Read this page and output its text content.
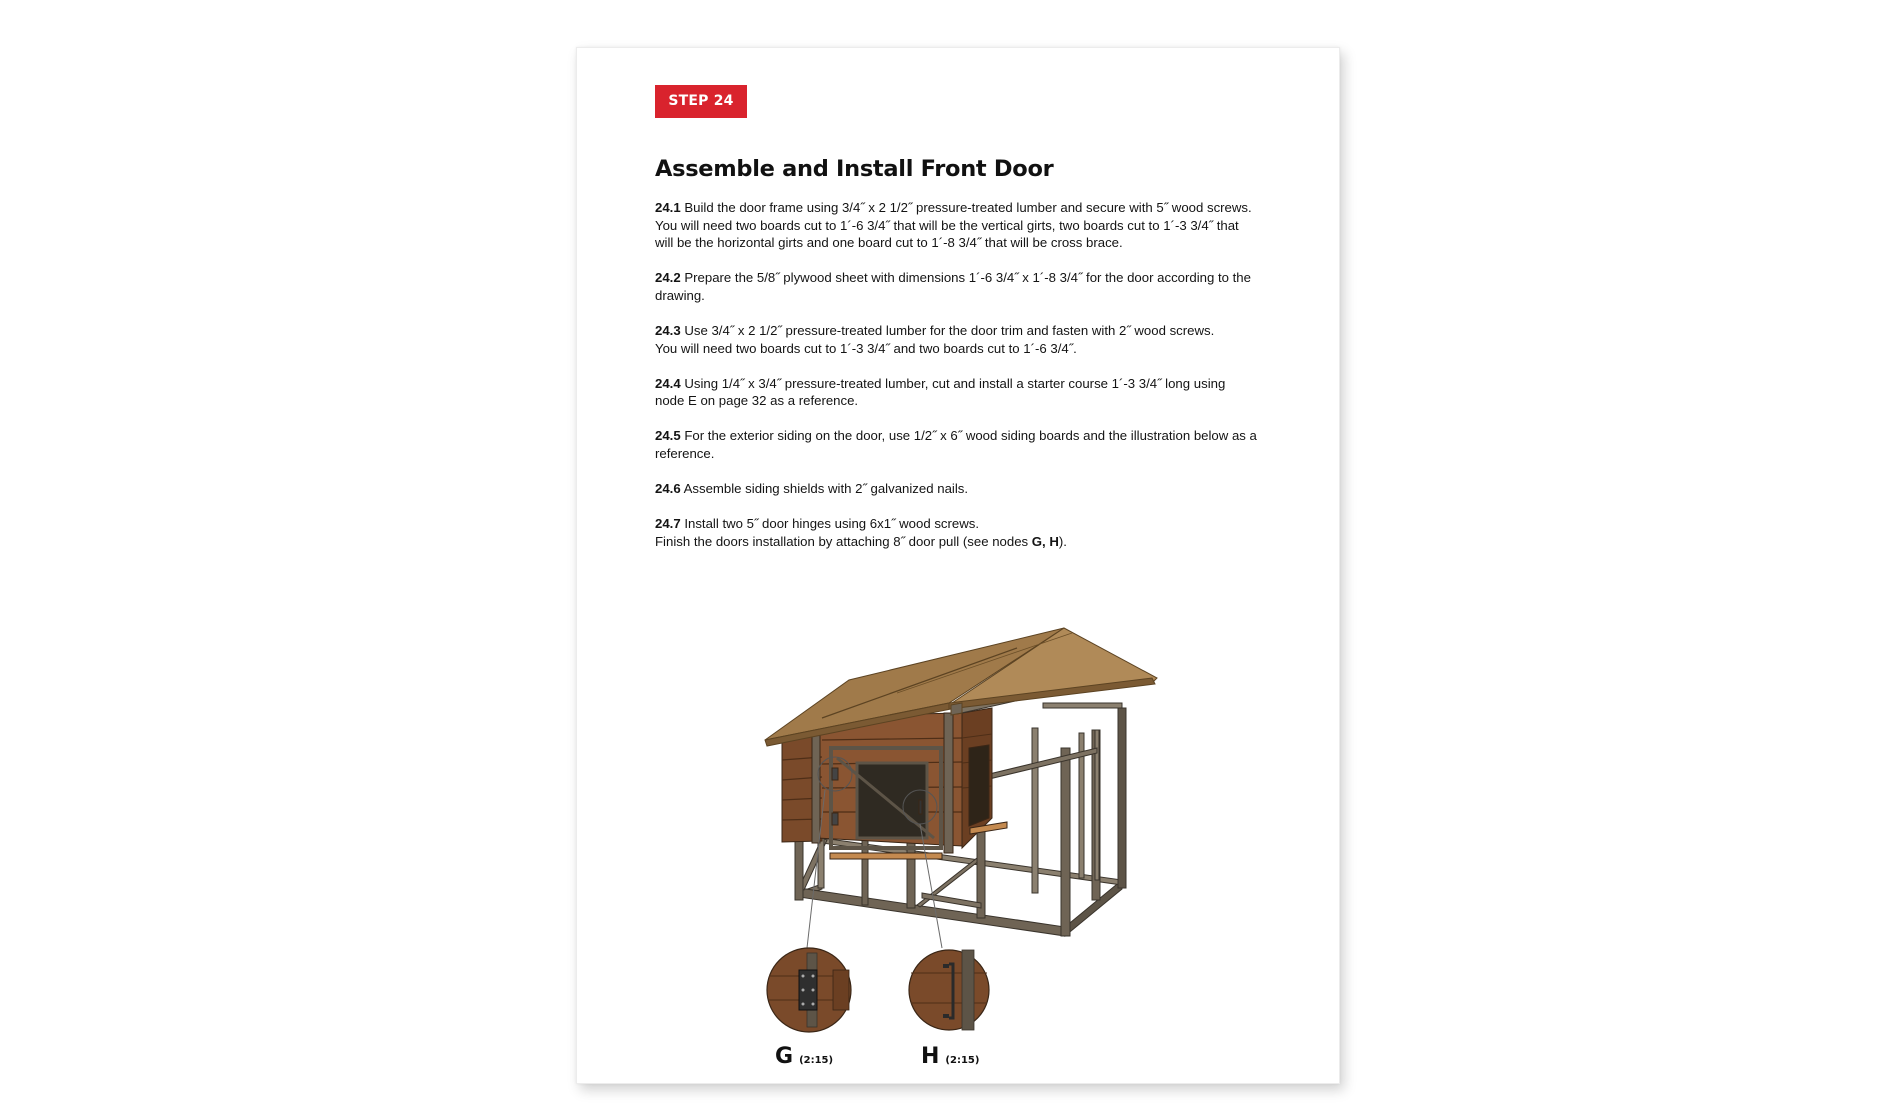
STEP 24
Assemble and Install Front Door

24.1 Build the door frame using 3/4˝ x 2 1/2˝ pressure-treated lumber and secure with 5˝ wood screws.
You will need two boards cut to 1´-6 3/4˝ that will be the vertical girts, two boards cut to 1´-3 3/4˝ that
will be the horizontal girts and one board cut to 1´-8 3/4˝ that will be cross brace.

24.2 Prepare the 5/8˝ plywood sheet with dimensions 1´-6 3/4˝ x 1´-8 3/4˝ for the door according to the
drawing.

24.3 Use 3/4˝ x 2 1/2˝ pressure-treated lumber for the door trim and fasten with 2˝ wood screws.
You will need two boards cut to 1´-3 3/4˝ and two boards cut to 1´-6 3/4˝.

24.4 Using 1/4˝ x 3/4˝ pressure-treated lumber, cut and install a starter course 1´-3 3/4˝ long using
node E on page 32 as a reference.

24.5 For the exterior siding on the door, use 1/2˝ x 6˝ wood siding boards and the illustration below as a
reference.

24.6 Assemble siding shields with 2˝ galvanized nails.

24.7 Install two 5˝ door hinges using 6x1˝ wood screws.
Finish the doors installation by attaching 8˝ door pull (see nodes G, H).

G (2:15)	H (2:15)
